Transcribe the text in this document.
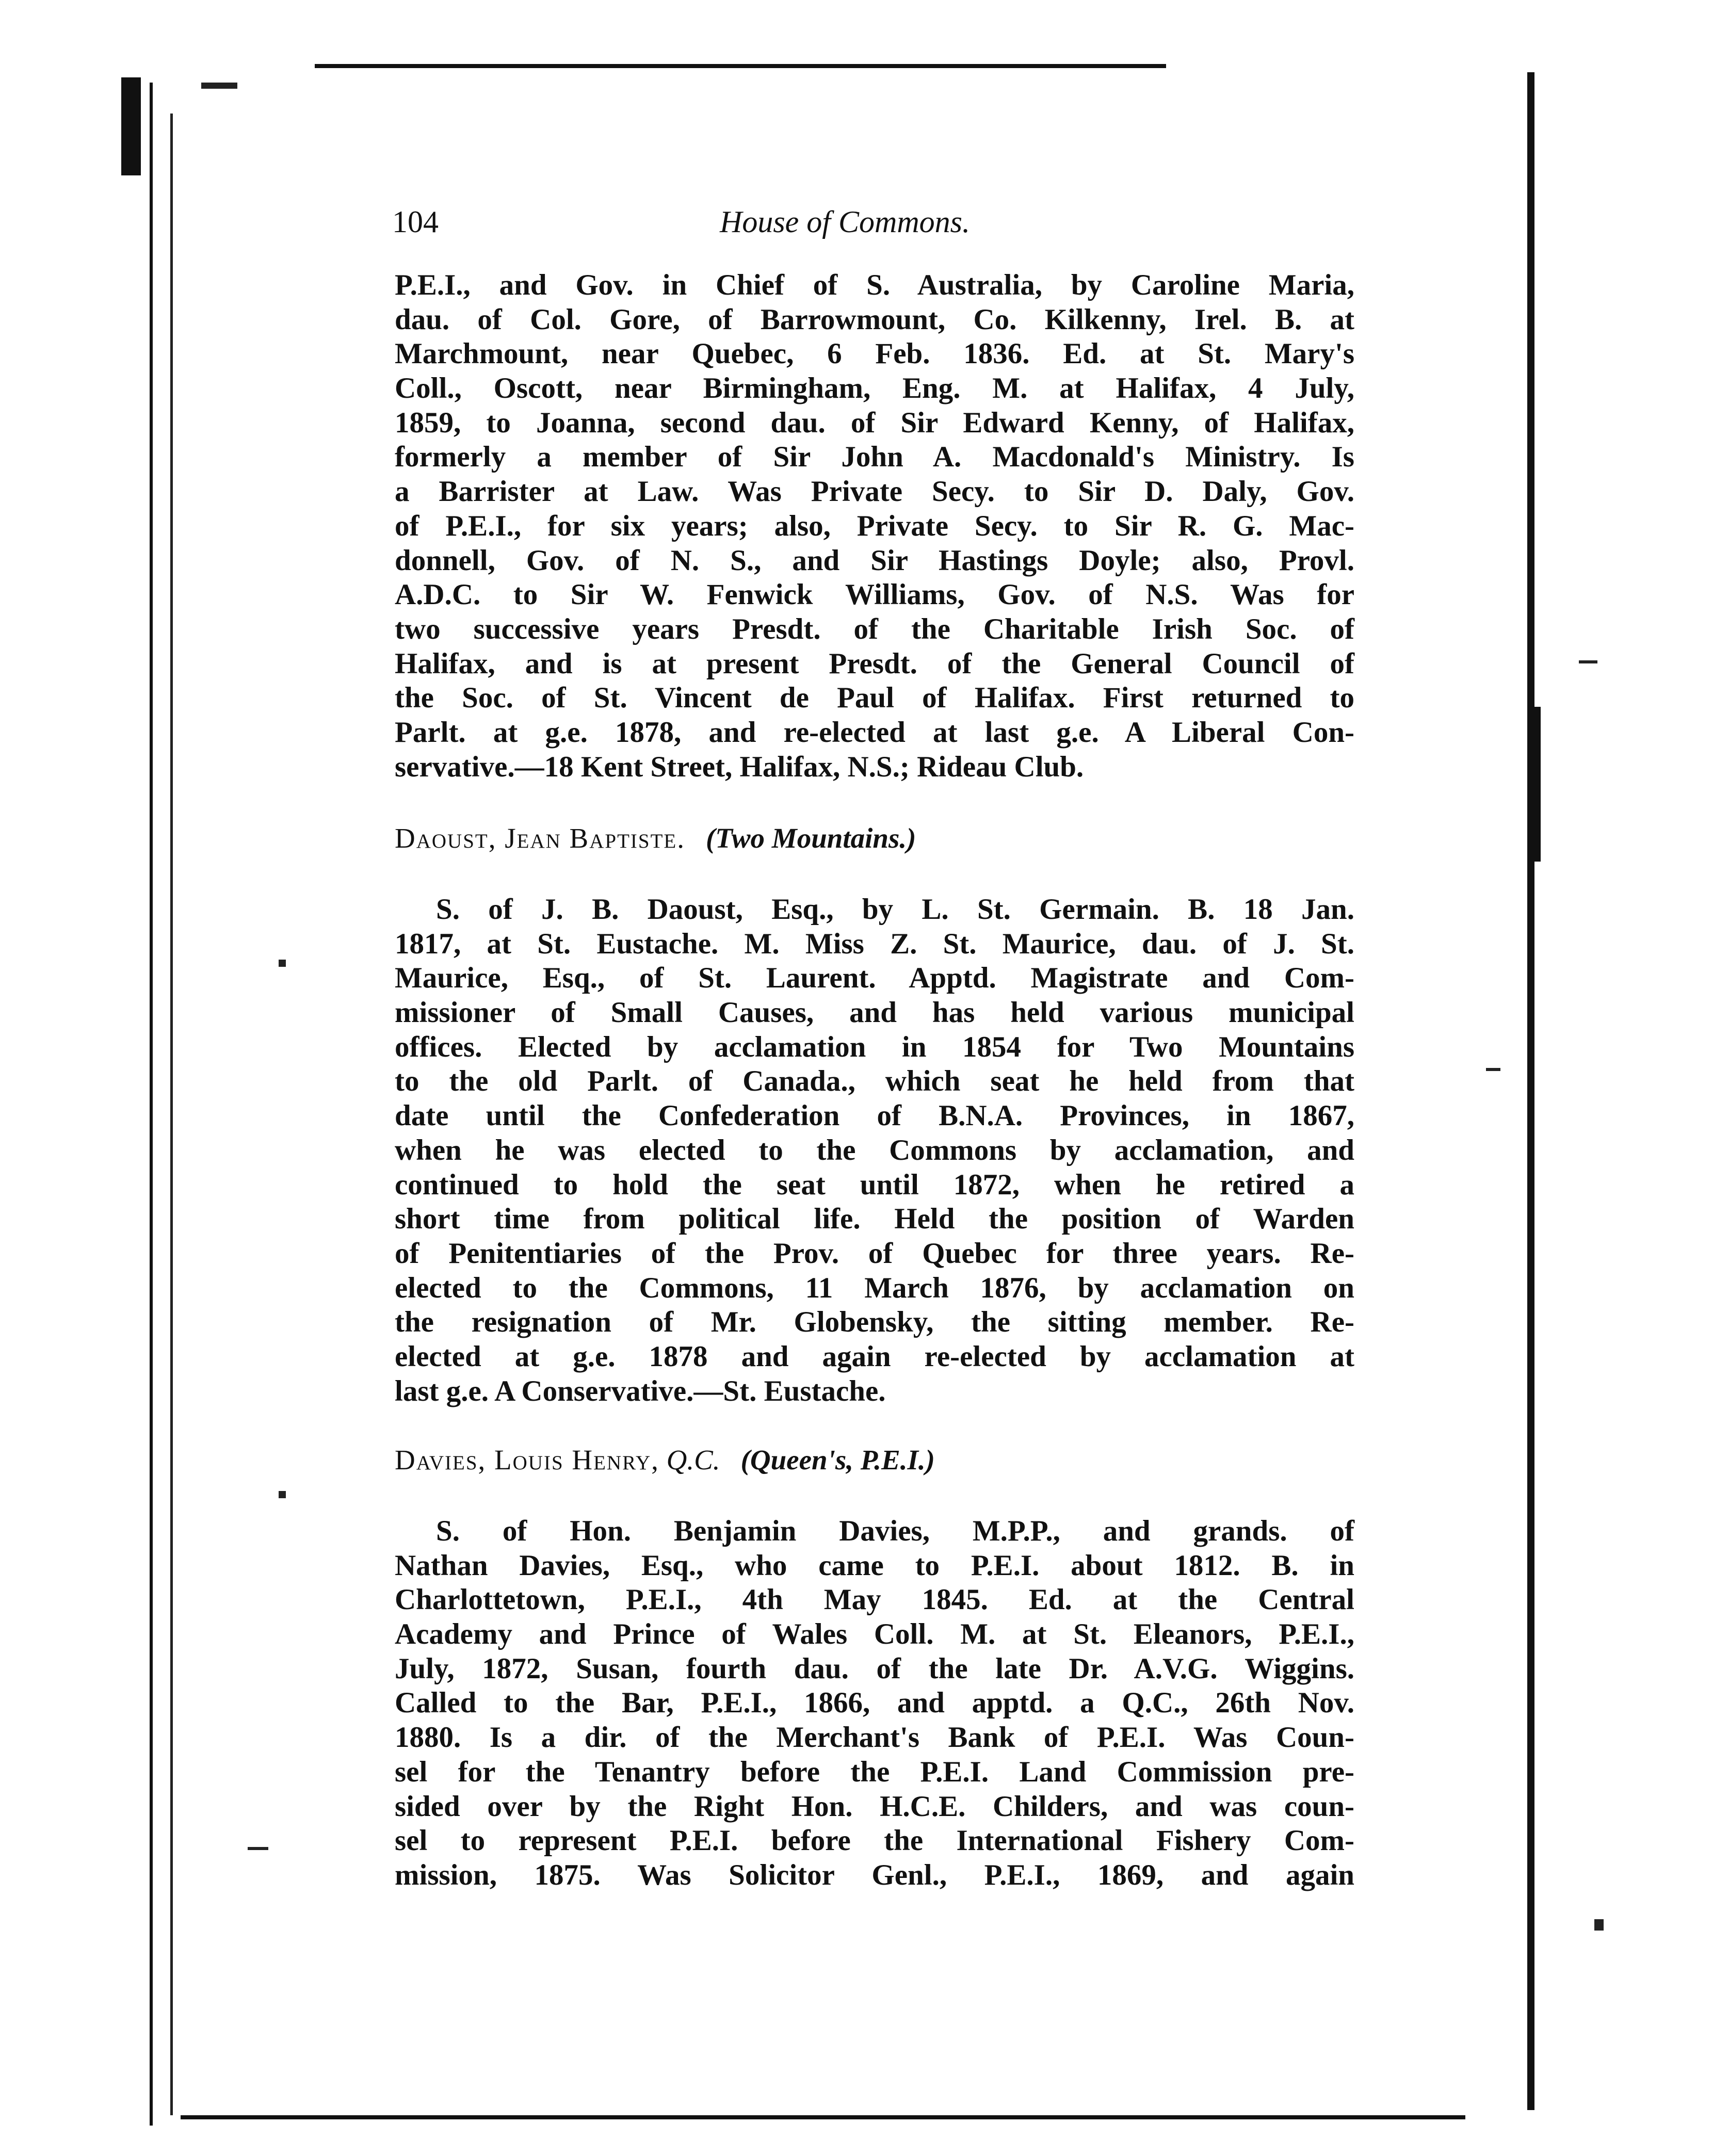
104	House of Commons.
P.E.I., and Gov. in Chief of S. Australia, by Caroline Maria,
dau. of Col. Gore, of Barrowmount, Co. Kilkenny, Irel. B. at
Marchmount, near Quebec, 6 Feb. 1836. Ed. at St. Mary's
Coll., Oscott, near Birmingham, Eng. M. at Halifax, 4 July,
1859, to Joanna, second dau. of Sir Edward Kenny, of Halifax,
formerly a member of Sir John A. Macdonald's Ministry. Is
a Barrister at Law. Was Private Secy. to Sir D. Daly, Gov.
of P.E.I., for six years; also, Private Secy. to Sir R. G. Mac-
donnell, Gov. of N. S., and Sir Hastings Doyle; also, Provl.
A.D.C. to Sir W. Fenwick Williams, Gov. of N.S. Was for
two successive years Presdt. of the Charitable Irish Soc. of
Halifax, and is at present Presdt. of the General Council of
the Soc. of St. Vincent de Paul of Halifax. First returned to
Parlt. at g.e. 1878, and re-elected at last g.e. A Liberal Con-
servative.—18 Kent Street, Halifax, N.S.; Rideau Club.
Daoust, Jean Baptiste. (Two Mountains.)
S. of J. B. Daoust, Esq., by L. St. Germain. B. 18 Jan.
1817, at St. Eustache. M. Miss Z. St. Maurice, dau. of J. St.
Maurice, Esq., of St. Laurent. Apptd. Magistrate and Com-
missioner of Small Causes, and has held various municipal
offices. Elected by acclamation in 1854 for Two Mountains
to the old Parlt. of Canada., which seat he held from that
date until the Confederation of B.N.A. Provinces, in 1867,
when he was elected to the Commons by acclamation, and
continued to hold the seat until 1872, when he retired a
short time from political life. Held the position of Warden
of Penitentiaries of the Prov. of Quebec for three years. Re-
elected to the Commons, 11 March 1876, by acclamation on
the resignation of Mr. Globensky, the sitting member. Re-
elected at g.e. 1878 and again re-elected by acclamation at
last g.e. A Conservative.—St. Eustache.
Davies, Louis Henry, Q.C. (Queen's, P.E.I.)
S. of Hon. Benjamin Davies, M.P.P., and grands. of
Nathan Davies, Esq., who came to P.E.I. about 1812. B. in
Charlottetown, P.E.I., 4th May 1845. Ed. at the Central
Academy and Prince of Wales Coll. M. at St. Eleanors, P.E.I.,
July, 1872, Susan, fourth dau. of the late Dr. A.V.G. Wiggins.
Called to the Bar, P.E.I., 1866, and apptd. a Q.C., 26th Nov.
1880. Is a dir. of the Merchant's Bank of P.E.I. Was Coun-
sel for the Tenantry before the P.E.I. Land Commission pre-
sided over by the Right Hon. H.C.E. Childers, and was coun-
sel to represent P.E.I. before the International Fishery Com-
mission, 1875. Was Solicitor Genl., P.E.I., 1869, and again
